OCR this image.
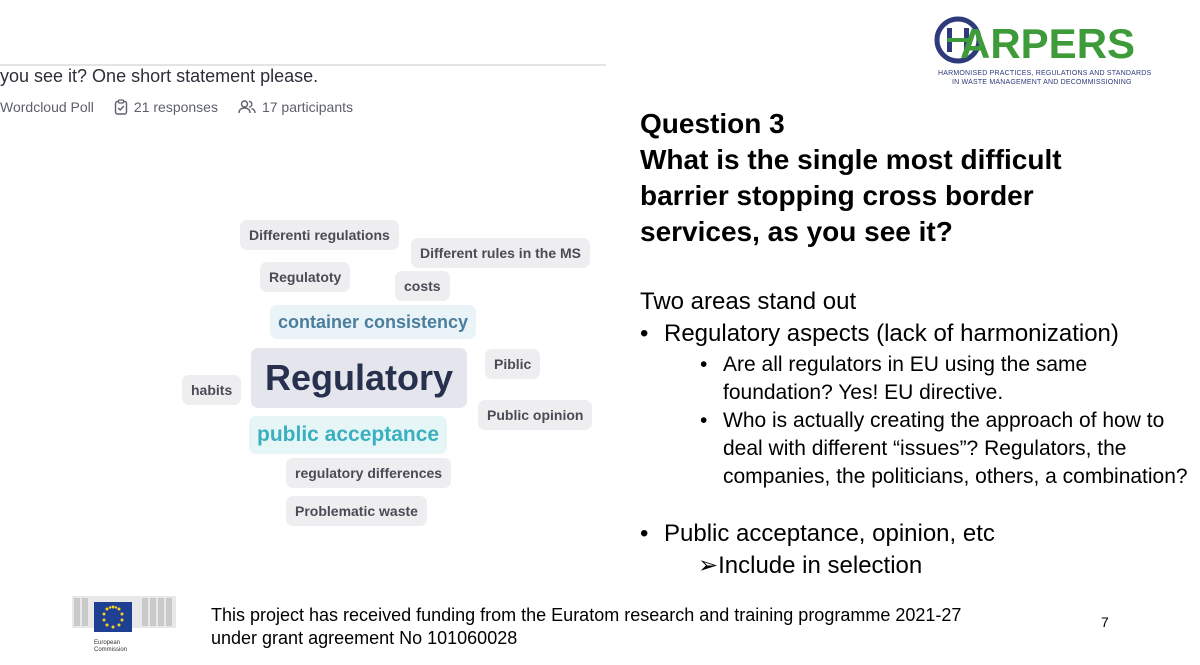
you see it? One short statement please.
Wordcloud Poll	21 responses	17 participants
Differenti regulations
Different rules in the MS
Regulatoty
costs
container consistency
Piblic
habits Regulatory
Public opinion
public acceptance
regulatory differences
Problematic waste
ARPERS
HARMONISED PRACTICES, REGULATIONS AND STANDARDS
IN WASTE MANAGEMENT AND DECOMMISSIONING
Question 3
What is the single most difficult
barrier stopping cross border
services, as you see it?
Two areas stand out
• Regulatory aspects (lack of harmonization)
• Are all regulators in EU using the same foundation? Yes! EU directive.
• Who is actually creating the approach of how to deal with different “issues”? Regulators, the companies, the politicians, others, a combination?
• Public acceptance, opinion, etc
➢Include in selection
European
Commission
This project has received funding from the Euratom research and training programme 2021-27
under grant agreement No 101060028
7
